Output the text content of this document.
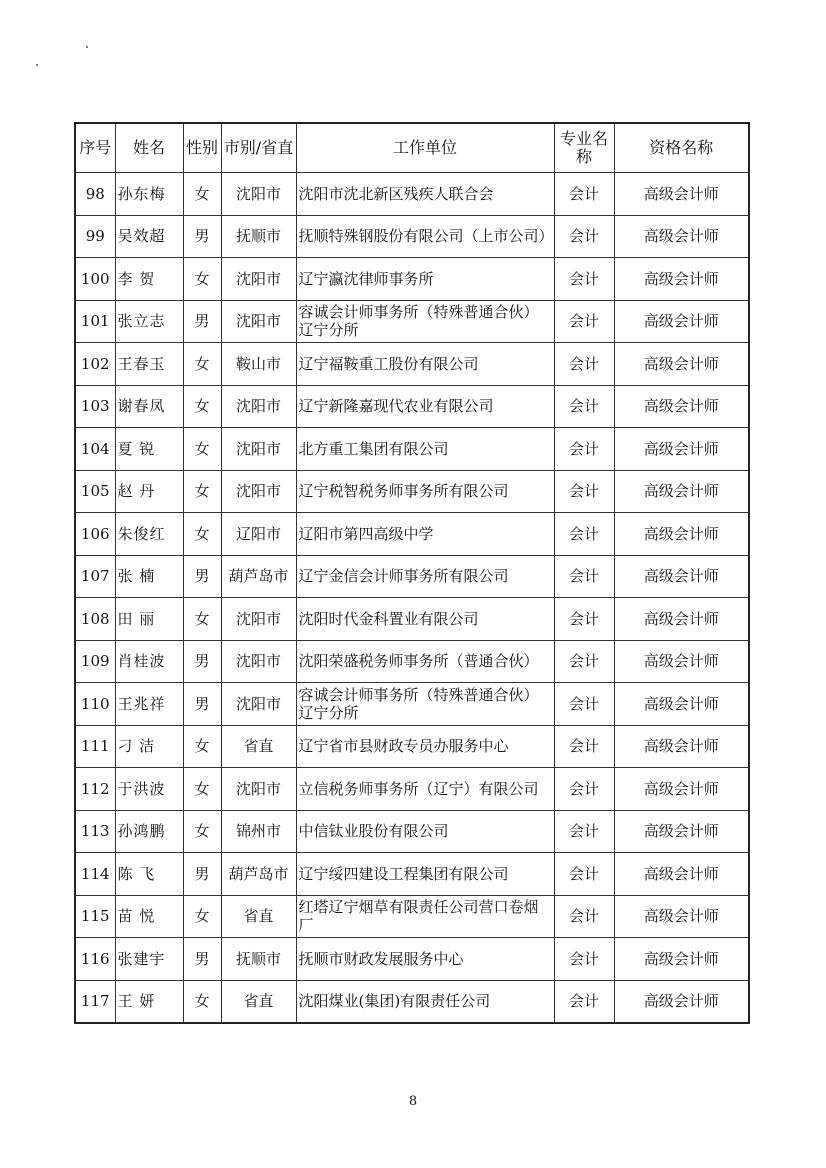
序号	姓名	性别	市别/省直	工作单位	专业名称	资格名称
98	孙东梅	女	沈阳市	沈阳市沈北新区残疾人联合会	会计	高级会计师
99	吴效超	男	抚顺市	抚顺特殊钢股份有限公司（上市公司）	会计	高级会计师
100	李 贺	女	沈阳市	辽宁瀛沈律师事务所	会计	高级会计师
101	张立志	男	沈阳市	容诚会计师事务所（特殊普通合伙）辽宁分所	会计	高级会计师
102	王春玉	女	鞍山市	辽宁福鞍重工股份有限公司	会计	高级会计师
103	谢春凤	女	沈阳市	辽宁新隆嘉现代农业有限公司	会计	高级会计师
104	夏 锐	女	沈阳市	北方重工集团有限公司	会计	高级会计师
105	赵 丹	女	沈阳市	辽宁税智税务师事务所有限公司	会计	高级会计师
106	朱俊红	女	辽阳市	辽阳市第四高级中学	会计	高级会计师
107	张 楠	男	葫芦岛市	辽宁金信会计师事务所有限公司	会计	高级会计师
108	田 丽	女	沈阳市	沈阳时代金科置业有限公司	会计	高级会计师
109	肖桂波	男	沈阳市	沈阳荣盛税务师事务所（普通合伙）	会计	高级会计师
110	王兆祥	男	沈阳市	容诚会计师事务所（特殊普通合伙）辽宁分所	会计	高级会计师
111	刁 洁	女	省直	辽宁省市县财政专员办服务中心	会计	高级会计师
112	于洪波	女	沈阳市	立信税务师事务所（辽宁）有限公司	会计	高级会计师
113	孙鸿鹏	女	锦州市	中信钛业股份有限公司	会计	高级会计师
114	陈 飞	男	葫芦岛市	辽宁绥四建设工程集团有限公司	会计	高级会计师
115	苗 悦	女	省直	红塔辽宁烟草有限责任公司营口卷烟厂	会计	高级会计师
116	张建宇	男	抚顺市	抚顺市财政发展服务中心	会计	高级会计师
117	王 妍	女	省直	沈阳煤业(集团)有限责任公司	会计	高级会计师
8
